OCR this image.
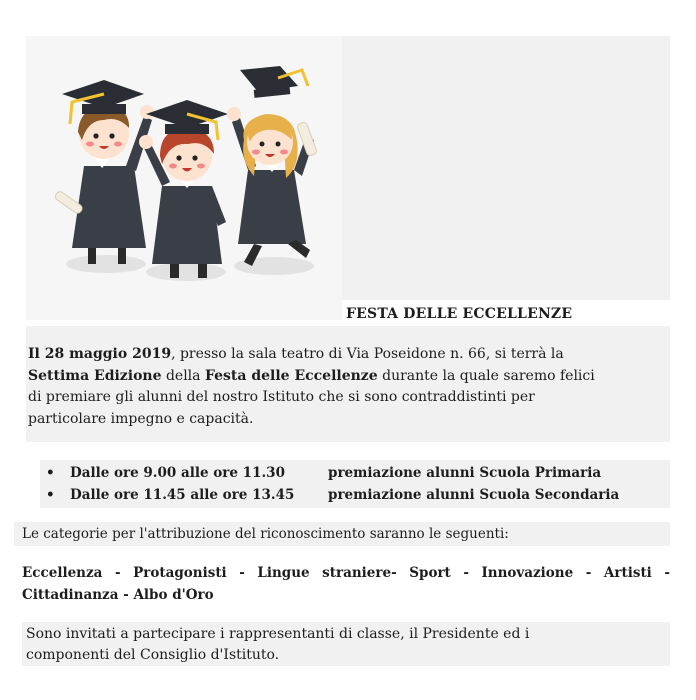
FESTA DELLE ECCELLENZE
Il 28 maggio 2019, presso la sala teatro di Via Poseidone n. 66, si terrà la
Settima Edizione della Festa delle Eccellenze durante la quale saremo felici
di premiare gli alunni del nostro Istituto che si sono contraddistinti per
particolare impegno e capacità.
• Dalle ore 9.00 alle ore 11.30	premiazione alunni Scuola Primaria
• Dalle ore 11.45 alle ore 13.45 premiazione alunni Scuola Secondaria
Le categorie per l'attribuzione del riconoscimento saranno le seguenti:
Eccellenza - Protagonisti - Lingue straniere- Sport - Innovazione - Artisti -
Cittadinanza - Albo d'Oro
Sono invitati a partecipare i rappresentanti di classe, il Presidente ed i
componenti del Consiglio d'Istituto.
